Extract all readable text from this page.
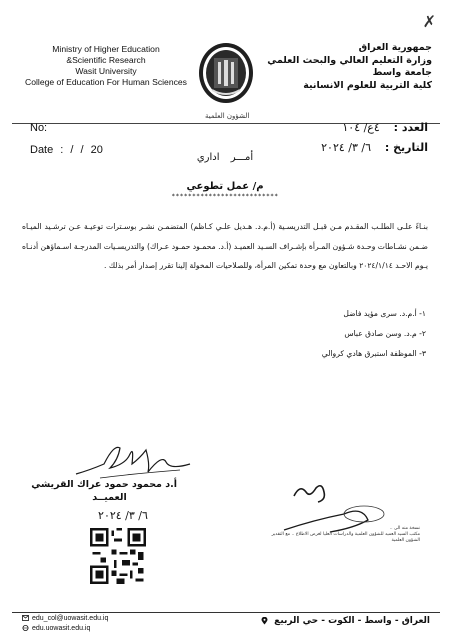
Ministry of Higher Education
&Scientific Research
Wasit University
College of Education For Human Sciences
الشؤون العلمية
✗
جمهورية العراق
وزارة التعليم العالي والبحث العلمي
جامعة واسط
كلية التربية للعلوم الانسانية
No:
Date : / / 20
العدد : ٤ع/ ١٠٤
التاريخ : ٦/ ٣/ ٢٠٢٤
أمـــر اداري
م/ عمل تطوعي
**************************

بنـاءً علـى الطلـب المقـدم مـن قبـل التدريسـية (أ.م.د. هـديل علـي كـاظم) المتضمـن نشـر بوسـترات توعيـة عـن ترشـيد الميـاه ضـمن نشـاطات وحـدة شـؤون المـرأة بإشـراف السـيد العميـد (أ.د. محمـود حمـود عـراك) والتدريسـيات المدرجـة اسـماؤهن أدنـاه يـوم الاحـد ٢٠٢٤/١/١٤ وبالتعاون مع وحدة تمكين المرأة، وللصلاحيات المخولة إلينا تقرر إصدار أمر بذلك .

١- أ.م.د. سرى مؤيد فاضل
٢- م.د. وسن صادق عباس
٣- الموظفة استبرق هادي كروالي
أ.د محمود حمود عراك القريشي
العميــد
٦/ ٣/ ٢٠٢٤
نسخة منه الى ..
مكتب السيد العميد للشؤون العلمية والدراسات العليا لغرض الاطلاع .. مع التقدير
الشؤون العلمية
edu_col@uowasit.edu.iq
edu.uowasit.edu.iq
العراق - واسط - الكوت - حي الربيع
